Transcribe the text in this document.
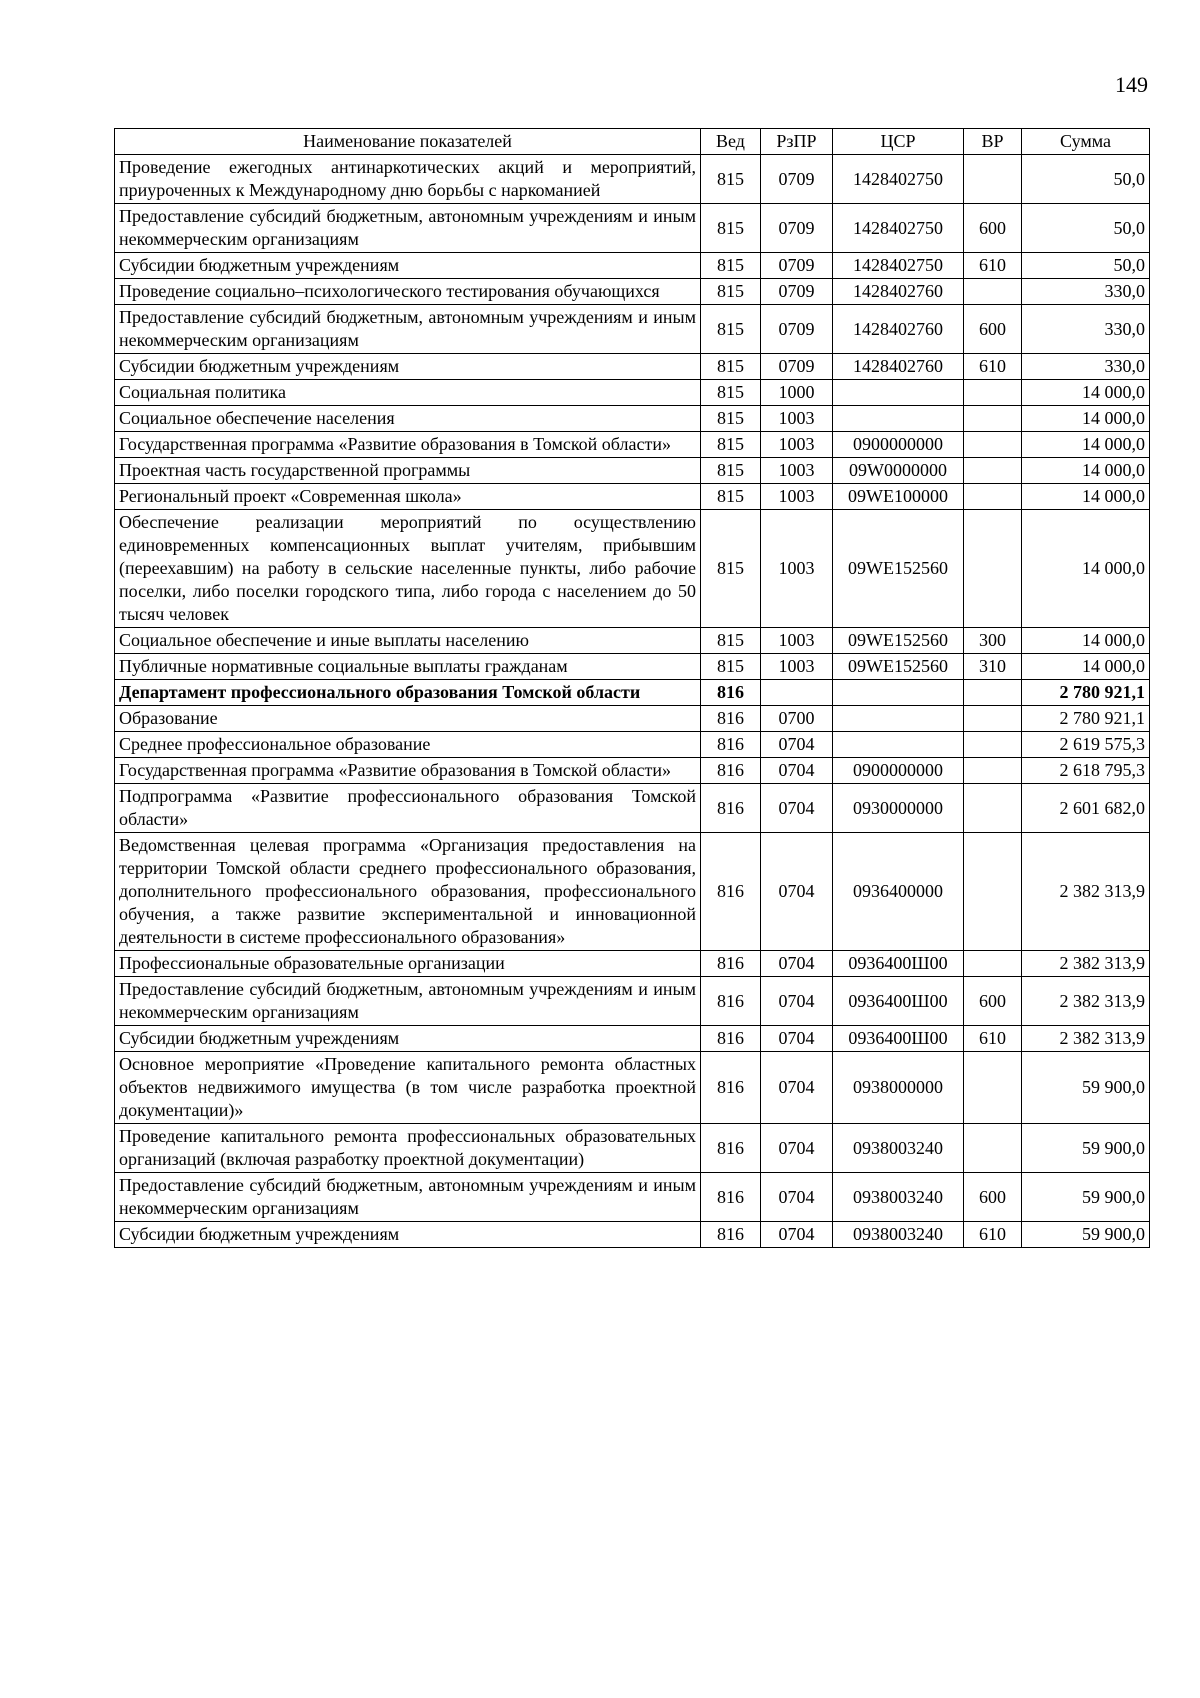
149
Наименование показателей	Вед	РзПР	ЦСР	ВР	Сумма
Проведение ежегодных антинаркотических акций и мероприятий, приуроченных к Международному дню борьбы с наркоманией	815	0709	1428402750		50,0
Предоставление субсидий бюджетным, автономным учреждениям и иным некоммерческим организациям	815	0709	1428402750	600	50,0
Субсидии бюджетным учреждениям	815	0709	1428402750	610	50,0
Проведение социально–психологического тестирования обучающихся	815	0709	1428402760		330,0
Предоставление субсидий бюджетным, автономным учреждениям и иным некоммерческим организациям	815	0709	1428402760	600	330,0
Субсидии бюджетным учреждениям	815	0709	1428402760	610	330,0
Социальная политика	815	1000			14 000,0
Социальное обеспечение населения	815	1003			14 000,0
Государственная программа «Развитие образования в Томской области»	815	1003	0900000000		14 000,0
Проектная часть государственной программы	815	1003	09W0000000		14 000,0
Региональный проект «Современная школа»	815	1003	09WE100000		14 000,0
Обеспечение реализации мероприятий по осуществлению единовременных компенсационных выплат учителям, прибывшим (переехавшим) на работу в сельские населенные пункты, либо рабочие поселки, либо поселки городского типа, либо города с населением до 50 тысяч человек	815	1003	09WE152560		14 000,0
Социальное обеспечение и иные выплаты населению	815	1003	09WE152560	300	14 000,0
Публичные нормативные социальные выплаты гражданам	815	1003	09WE152560	310	14 000,0
Департамент профессионального образования Томской области	816				2 780 921,1
Образование	816	0700			2 780 921,1
Среднее профессиональное образование	816	0704			2 619 575,3
Государственная программа «Развитие образования в Томской области»	816	0704	0900000000		2 618 795,3
Подпрограмма «Развитие профессионального образования Томской области»	816	0704	0930000000		2 601 682,0
Ведомственная целевая программа «Организация предоставления на территории Томской области среднего профессионального образования, дополнительного профессионального образования, профессионального обучения, а также развитие экспериментальной и инновационной деятельности в системе профессионального образования»	816	0704	0936400000		2 382 313,9
Профессиональные образовательные организации	816	0704	0936400Ш00		2 382 313,9
Предоставление субсидий бюджетным, автономным учреждениям и иным некоммерческим организациям	816	0704	0936400Ш00	600	2 382 313,9
Субсидии бюджетным учреждениям	816	0704	0936400Ш00	610	2 382 313,9
Основное мероприятие «Проведение капитального ремонта областных объектов недвижимого имущества (в том числе разработка проектной документации)»	816	0704	0938000000		59 900,0
Проведение капитального ремонта профессиональных образовательных организаций (включая разработку проектной документации)	816	0704	0938003240		59 900,0
Предоставление субсидий бюджетным, автономным учреждениям и иным некоммерческим организациям	816	0704	0938003240	600	59 900,0
Субсидии бюджетным учреждениям	816	0704	0938003240	610	59 900,0
